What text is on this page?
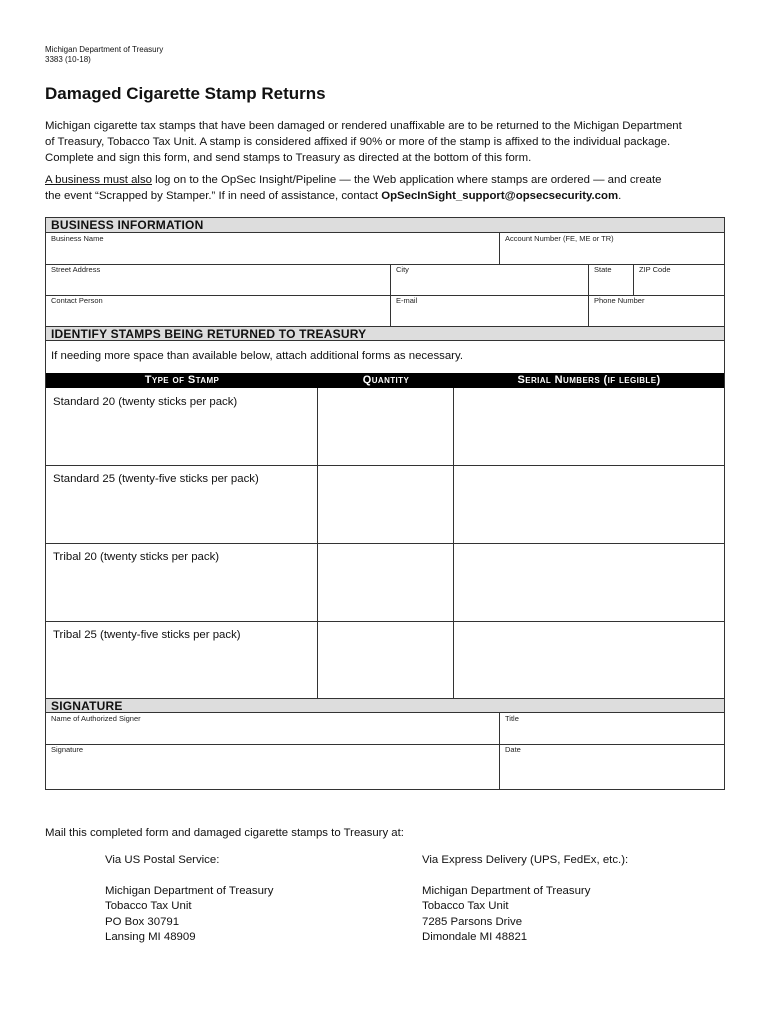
Michigan Department of Treasury
3383 (10-18)
Damaged Cigarette Stamp Returns
Michigan cigarette tax stamps that have been damaged or rendered unaffixable are to be returned to the Michigan Department
of Treasury, Tobacco Tax Unit. A stamp is considered affixed if 90% or more of the stamp is affixed to the individual package.
Complete and sign this form, and send stamps to Treasury as directed at the bottom of this form.
A business must also log on to the OpSec Insight/Pipeline — the Web application where stamps are ordered — and create
the event “Scrapped by Stamper.” If in need of assistance, contact OpSecInSight_support@opsecsecurity.com.
BUSINESS INFORMATION
Business Name	Account Number (FE, ME or TR)
Street Address	City	State	ZIP Code
Contact Person	E-mail	Phone Number
IDENTIFY STAMPS BEING RETURNED TO TREASURY
If needing more space than available below, attach additional forms as necessary.
Type of Stamp	Quantity	Serial Numbers (if legible)
Standard 20 (twenty sticks per pack)
Standard 25 (twenty-five sticks per pack)
Tribal 20 (twenty sticks per pack)
Tribal 25 (twenty-five sticks per pack)
SIGNATURE
Name of Authorized Signer	Title
Signature	Date
Mail this completed form and damaged cigarette stamps to Treasury at:
Via US Postal Service:
Michigan Department of Treasury
Tobacco Tax Unit
PO Box 30791
Lansing MI 48909
Via Express Delivery (UPS, FedEx, etc.):
Michigan Department of Treasury
Tobacco Tax Unit
7285 Parsons Drive
Dimondale MI 48821
